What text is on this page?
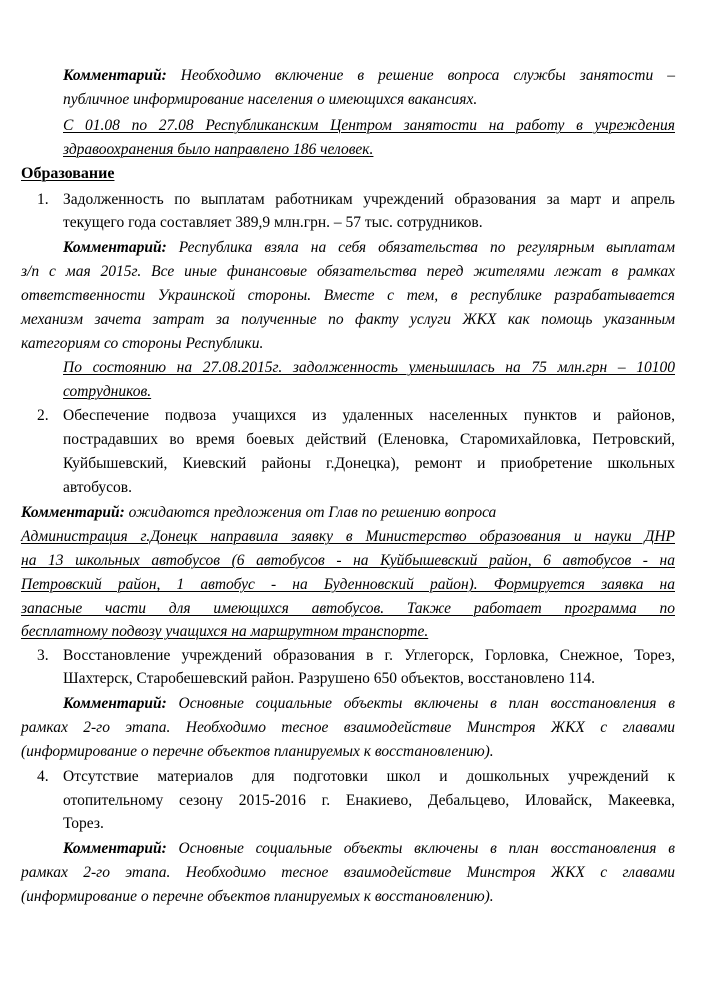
Комментарий: Необходимо включение в решение вопроса службы занятости –
публичное информирование населения о имеющихся вакансиях.
С 01.08 по 27.08 Республиканским Центром занятости на работу в учреждения
здравоохранения было направлено 186 человек.
Образование
1. Задолженность по выплатам работникам учреждений образования за март и апрель
текущего года составляет 389,9 млн.грн. – 57 тыс. сотрудников.
Комментарий: Республика взяла на себя обязательства по регулярным выплатам
з/п с мая 2015г. Все иные финансовые обязательства перед жителями лежат в рамках
ответственности Украинской стороны. Вместе с тем, в республике разрабатывается
механизм зачета затрат за полученные по факту услуги ЖКХ как помощь указанным
категориям со стороны Республики.
По состоянию на 27.08.2015г. задолженность уменьшилась на 75 млн.грн – 10100
сотрудников.
2. Обеспечение подвоза учащихся из удаленных населенных пунктов и районов,
пострадавших во время боевых действий (Еленовка, Старомихайловка, Петровский,
Куйбышевский, Киевский районы г.Донецка), ремонт и приобретение школьных
автобусов.
Комментарий: ожидаются предложения от Глав по решению вопроса
Администрация г.Донецк направила заявку в Министерство образования и науки ДНР
на 13 школьных автобусов (6 автобусов - на Куйбышевский район, 6 автобусов - на
Петровский район, 1 автобус - на Буденновский район). Формируется заявка на
запасные части для имеющихся автобусов. Также работает программа по
бесплатному подвозу учащихся на маршрутном транспорте.
3. Восстановление учреждений образования в г. Углегорск, Горловка, Снежное, Торез,
Шахтерск, Старобешевский район. Разрушено 650 объектов, восстановлено 114.
Комментарий: Основные социальные объекты включены в план восстановления в
рамках 2-го этапа. Необходимо тесное взаимодействие Минстроя ЖКХ с главами
(информирование о перечне объектов планируемых к восстановлению).
4. Отсутствие материалов для подготовки школ и дошкольных учреждений к
отопительному сезону 2015-2016 г. Енакиево, Дебальцево, Иловайск, Макеевка,
Торез.
Комментарий: Основные социальные объекты включены в план восстановления в
рамках 2-го этапа. Необходимо тесное взаимодействие Минстроя ЖКХ с главами
(информирование о перечне объектов планируемых к восстановлению).
